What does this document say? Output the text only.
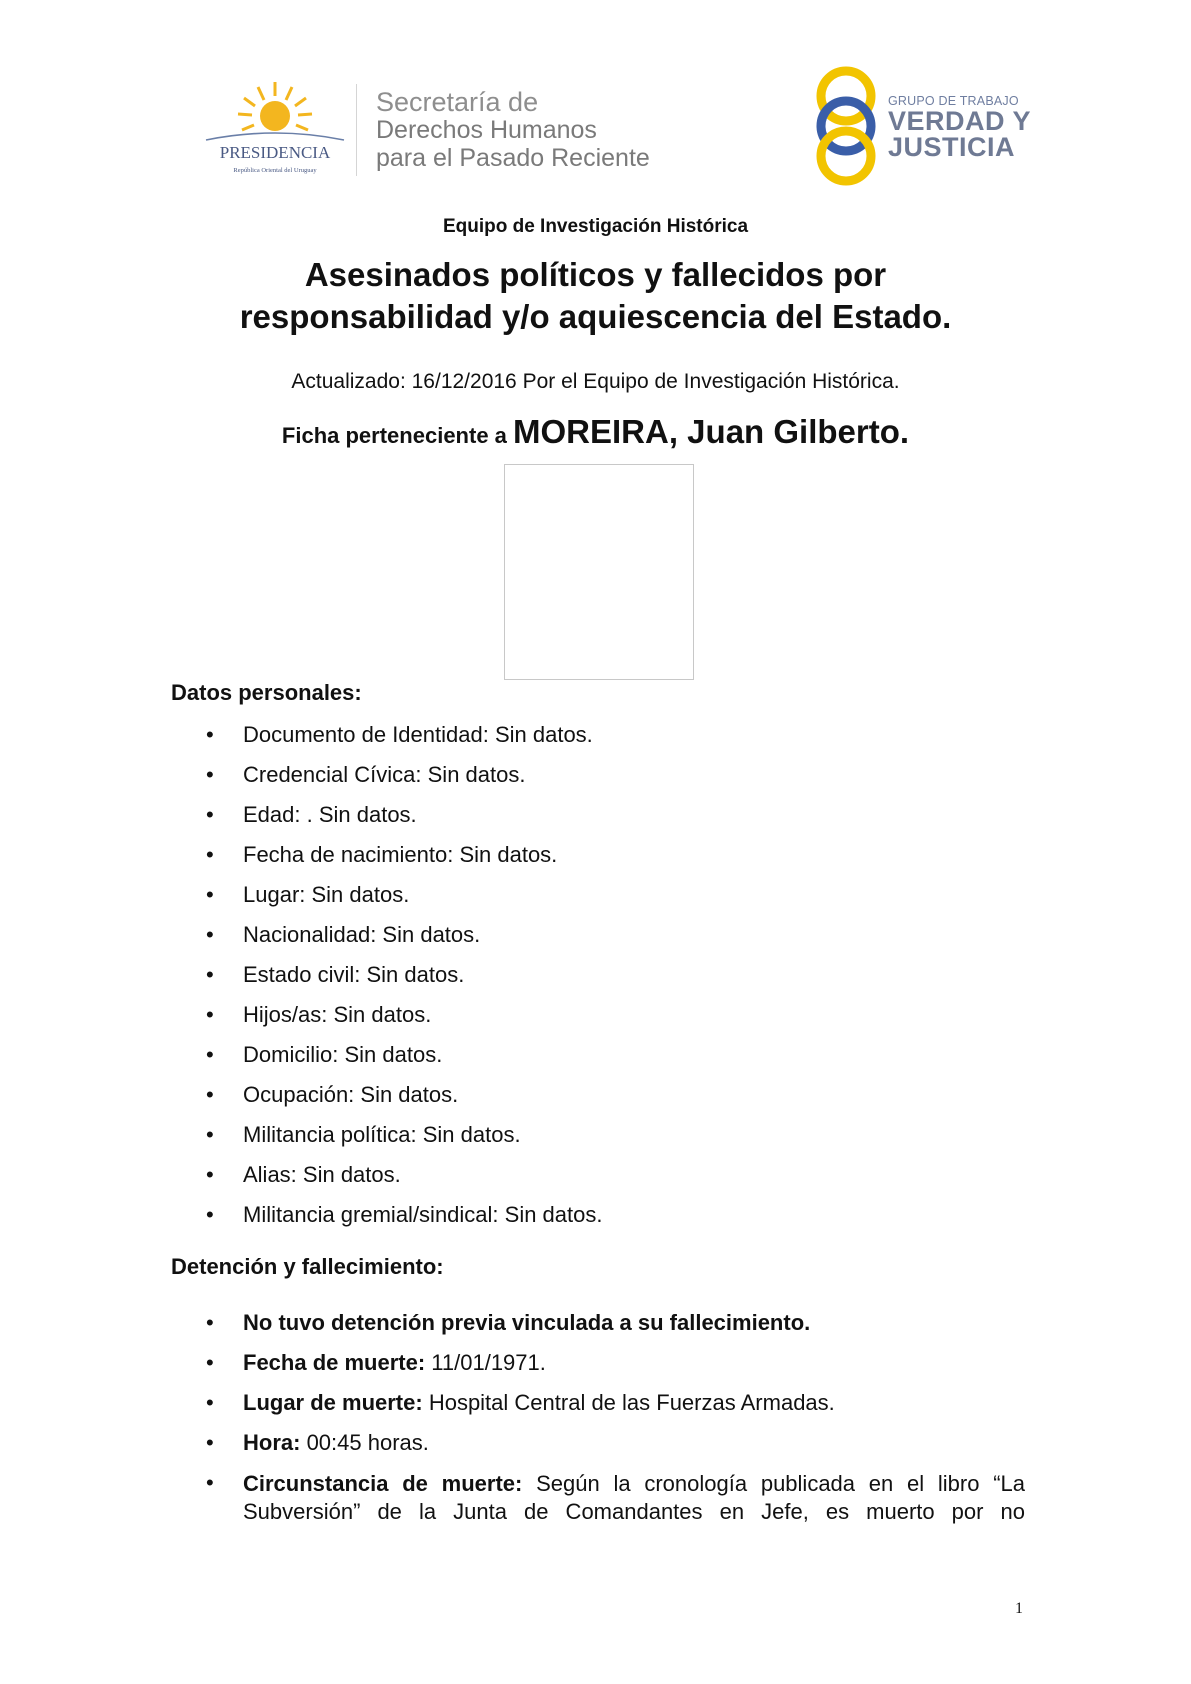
PRESIDENCIA
República Oriental del Uruguay
Secretaría de
Derechos Humanos
para el Pasado Reciente
GRUPO DE TRABAJO
VERDAD Y
JUSTICIA
Equipo de Investigación Histórica
Asesinados políticos y fallecidos por
responsabilidad y/o aquiescencia del Estado.
Actualizado: 16/12/2016 Por el Equipo de Investigación Histórica.
Ficha perteneciente a MOREIRA, Juan Gilberto.
Datos personales:
• Documento de Identidad: Sin datos.
• Credencial Cívica: Sin datos.
• Edad: . Sin datos.
• Fecha de nacimiento: Sin datos.
• Lugar: Sin datos.
• Nacionalidad: Sin datos.
• Estado civil: Sin datos.
• Hijos/as: Sin datos.
• Domicilio: Sin datos.
• Ocupación: Sin datos.
• Militancia política: Sin datos.
• Alias: Sin datos.
• Militancia gremial/sindical: Sin datos.
Detención y fallecimiento:
• No tuvo detención previa vinculada a su fallecimiento.
• Fecha de muerte: 11/01/1971.
• Lugar de muerte: Hospital Central de las Fuerzas Armadas.
• Hora: 00:45 horas.
• Circunstancia de muerte: Según la cronología publicada en el libro “La Subversión” de la Junta de Comandantes en Jefe, es muerto por no
1
